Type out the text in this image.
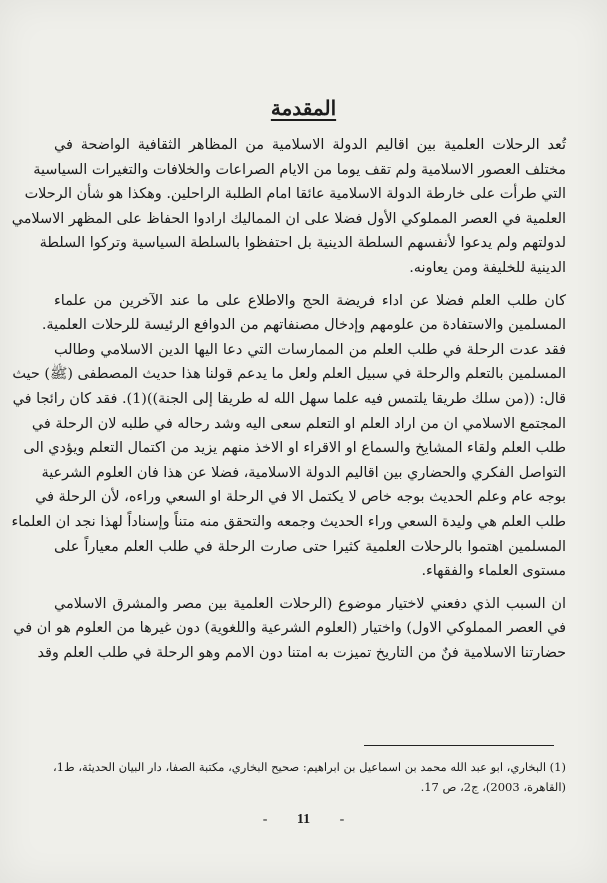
المقدمة
تُعد الرحلات العلمية بين اقاليم الدولة الاسلامية من المظاهر الثقافية الواضحة في
مختلف العصور الاسلامية ولم تقف يوما من الايام الصراعات والخلافات والتغيرات السياسية
التي طرأت على خارطة الدولة الاسلامية عائقا امام الطلبة الراحلين. وهكذا هو شأن الرحلات
العلمية في العصر المملوكي الأول فضلا على ان المماليك ارادوا الحفاظ على المظهر الاسلامي
لدولتهم ولم يدعوا لأنفسهم السلطة الدينية بل احتفظوا بالسلطة السياسية وتركوا السلطة
الدينية للخليفة ومن يعاونه.
كان طلب العلم فضلا عن اداء فريضة الحج والاطلاع على ما عند الآخرين من علماء
المسلمين والاستفادة من علومهم وإدخال مصنفاتهم من الدوافع الرئيسة للرحلات العلمية.
فقد عدت الرحلة في طلب العلم من الممارسات التي دعا اليها الدين الاسلامي وطالب
المسلمين بالتعلم والرحلة في سبيل العلم ولعل ما يدعم قولنا هذا حديث المصطفى (ﷺ) حيث
قال: ((من سلك طريقا يلتمس فيه علما سهل الله له طريقا إلى الجنة))(1). فقد كان رائجا في
المجتمع الاسلامي ان من اراد العلم او التعلم سعى اليه وشد رحاله في طلبه لان الرحلة في
طلب العلم ولقاء المشايخ والسماع او الاقراء او الاخذ منهم يزيد من اكتمال التعلم ويؤدي الى
التواصل الفكري والحضاري بين اقاليم الدولة الاسلامية، فضلا عن هذا فان العلوم الشرعية
بوجه عام وعلم الحديث بوجه خاص لا يكتمل الا في الرحلة او السعي وراءه، لأن الرحلة في
طلب العلم هي وليدة السعي وراء الحديث وجمعه والتحقق منه متناً وإسناداً لهذا نجد ان العلماء
المسلمين اهتموا بالرحلات العلمية كثيرا حتى صارت الرحلة في طلب العلم معياراً على
مستوى العلماء والفقهاء.
ان السبب الذي دفعني لاختيار موضوع (الرحلات العلمية بين مصر والمشرق الاسلامي
في العصر المملوكي الاول) واختيار (العلوم الشرعية واللغوية) دون غيرها من العلوم هو ان في
حضارتنا الاسلامية فنٌ من التاريخ تميزت به امتنا دون الامم وهو الرحلة في طلب العلم وقد
(1) البخاري، ابو عبد الله محمد بن اسماعيل بن ابراهيم: صحيح البخاري، مكتبة الصفا، دار البيان الحديثة، ط1،
(القاهرة، 2003)، ج2، ص 17.
- 11 -
